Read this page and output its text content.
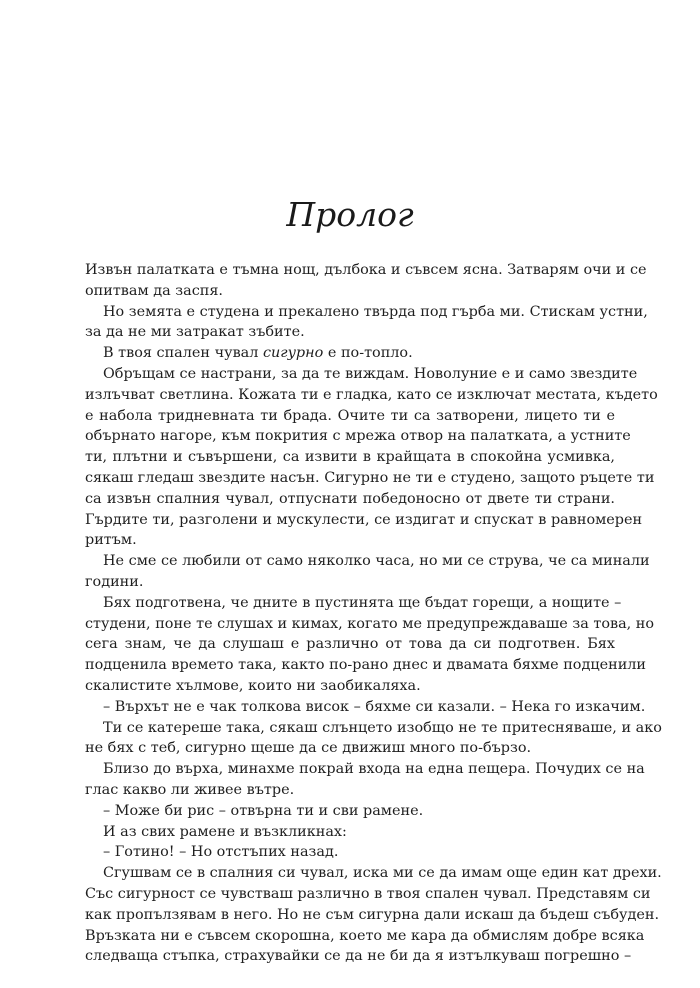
Пролог
Извън палатката е тъмна нощ, дълбока и съвсем ясна. Затварям очи и се
опитвам да заспя.
Но земята е студена и прекалено твърда под гърба ми. Стискам устни,
за да не ми затракат зъбите.
В твоя спален чувал сигурно е по-топло.
Обръщам се настрани, за да те виждам. Новолуние е и само звездите
излъчват светлина. Кожата ти е гладка, като се изключат местата, където
е набола тридневната ти брада. Очите ти са затворени, лицето ти е
обърнато нагоре, към покрития с мрежа отвор на палатката, а устните
ти, плътни и съвършени, са извити в крайщата в спокойна усмивка,
сякаш гледаш звездите насън. Сигурно не ти е студено, защото ръцете ти
са извън спалния чувал, отпуснати победоносно от двете ти страни.
Гърдите ти, разголени и мускулести, се издигат и спускат в равномерен
ритъм.
Не сме се любили от само няколко часа, но ми се струва, че са минали
години.
Бях подготвена, че дните в пустинята ще бъдат горещи, а нощите –
студени, поне те слушах и кимах, когато ме предупреждаваше за това, но
сега знам, че да слушаш е различно от това да си подготвен. Бях
подценила времето така, както по-рано днес и двамата бяхме подценили
скалистите хълмове, които ни заобикаляха.
– Върхът не е чак толкова висок – бяхме си казали. – Нека го изкачим.
Ти се катереше така, сякаш слънцето изобщо не те притесняваше, и ако
не бях с теб, сигурно щеше да се движиш много по-бързо.
Близо до върха, минахме покрай входа на една пещера. Почудих се на
глас какво ли живее вътре.
– Може би рис – отвърна ти и сви рамене.
И аз свих рамене и възкликнах:
– Готино! – Но отстъпих назад.
Сгушвам се в спалния си чувал, иска ми се да имам още един кат дрехи.
Със сигурност се чувстваш различно в твоя спален чувал. Представям си
как пропълзявам в него. Но не съм сигурна дали искаш да бъдеш събуден.
Връзката ни е съвсем скорошна, което ме кара да обмислям добре всяка
следваща стъпка, страхувайки се да не би да я изтълкуваш погрешно –
